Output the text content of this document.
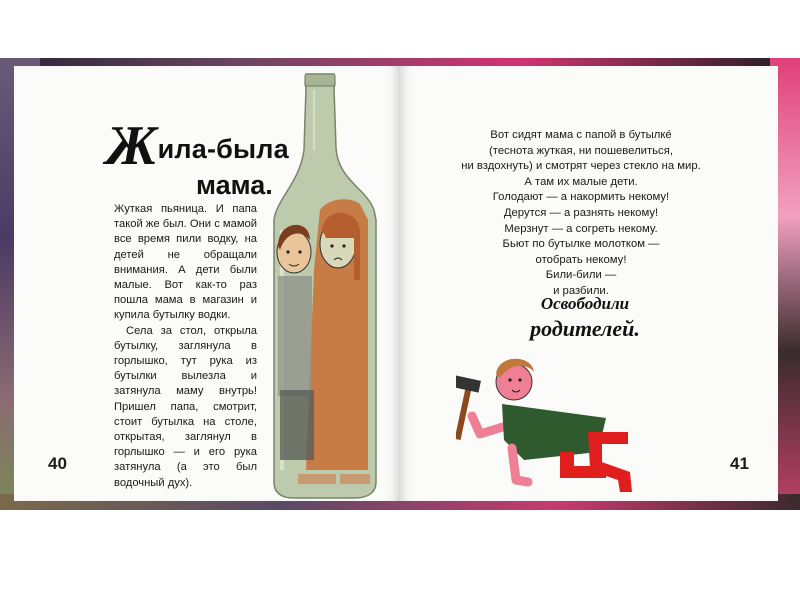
Жила-была
мама.

Жуткая пьяница. И папа такой же был. Они с мамой все время пили водку, на детей не обращали внимания. А дети были малые. Вот как-то раз пошла мама в магазин и купила бутылку водки.

Села за стол, открыла бутылку, заглянула в горлышко, тут рука из бутылки вылезла и затянула маму внутрь! Пришел папа, смотрит, стоит бутылка на столе, открытая, заглянул в горлышко — и его рука затянула (а это был водочный дух).

40
Вот сидят мама с папой в бутылке́
(теснота жуткая, ни пошевелиться,
ни вздохнуть) и смотрят через стекло на мир.
А там их малые дети.
Голодают — а накормить некому!
Дерутся — а разнять некому!
Мерзнут — а согреть некому.
Бьют по бутылке молотком —
отобрать некому!
Били-били —
и разбили.
Освободили
родителей.
41
